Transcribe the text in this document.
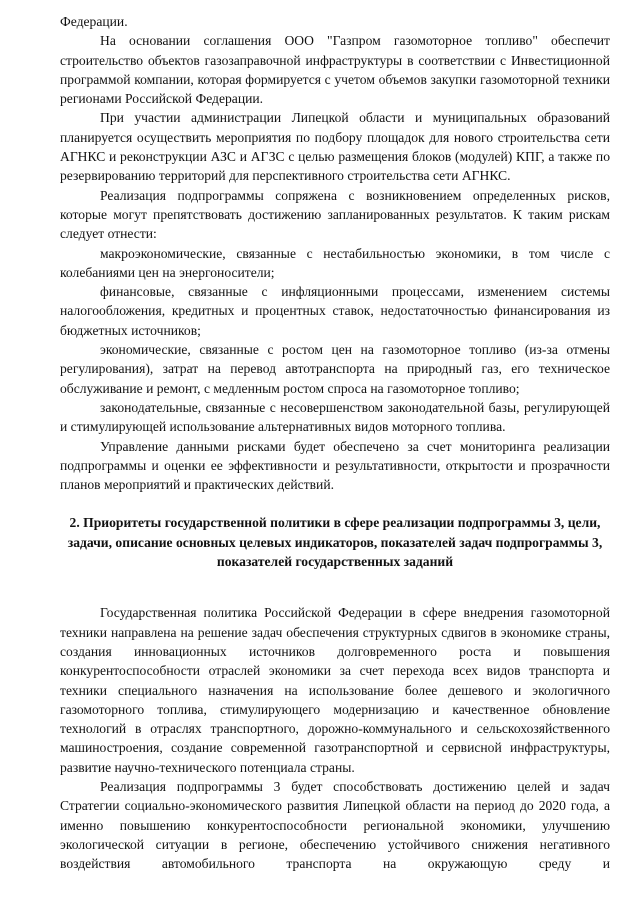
Федерации.

На основании соглашения ООО "Газпром газомоторное топливо" обеспечит строительство объектов газозаправочной инфраструктуры в соответствии с Инвестиционной программой компании, которая формируется с учетом объемов закупки газомоторной техники регионами Российской Федерации.

При участии администрации Липецкой области и муниципальных образований планируется осуществить мероприятия по подбору площадок для нового строительства сети АГНКС и реконструкции АЗС и АГЗС с целью размещения блоков (модулей) КПГ, а также по резервированию территорий для перспективного строительства сети АГНКС.

Реализация подпрограммы сопряжена с возникновением определенных рисков, которые могут препятствовать достижению запланированных результатов. К таким рискам следует отнести:

макроэкономические, связанные с нестабильностью экономики, в том числе с колебаниями цен на энергоносители;

финансовые, связанные с инфляционными процессами, изменением системы налогообложения, кредитных и процентных ставок, недостаточностью финансирования из бюджетных источников;

экономические, связанные с ростом цен на газомоторное топливо (из-за отмены регулирования), затрат на перевод автотранспорта на природный газ, его техническое обслуживание и ремонт, с медленным ростом спроса на газомоторное топливо;

законодательные, связанные с несовершенством законодательной базы, регулирующей и стимулирующей использование альтернативных видов моторного топлива.

Управление данными рисками будет обеспечено за счет мониторинга реализации подпрограммы и оценки ее эффективности и результативности, открытости и прозрачности планов мероприятий и практических действий.

2. Приоритеты государственной политики в сфере реализации подпрограммы 3, цели, задачи, описание основных целевых индикаторов, показателей задач подпрограммы 3, показателей государственных заданий

Государственная политика Российской Федерации в сфере внедрения газомоторной техники направлена на решение задач обеспечения структурных сдвигов в экономике страны, создания инновационных источников долговременного роста и повышения конкурентоспособности отраслей экономики за счет перехода всех видов транспорта и техники специального назначения на использование более дешевого и экологичного газомоторного топлива, стимулирующего модернизацию и качественное обновление технологий в отраслях транспортного, дорожно-коммунального и сельскохозяйственного машиностроения, создание современной газотранспортной и сервисной инфраструктуры, развитие научно-технического потенциала страны.

Реализация подпрограммы 3 будет способствовать достижению целей и задач Стратегии социально-экономического развития Липецкой области на период до 2020 года, а именно повышению конкурентоспособности региональной экономики, улучшению экологической ситуации в регионе, обеспечению устойчивого снижения негативного воздействия автомобильного транспорта на окружающую среду и
